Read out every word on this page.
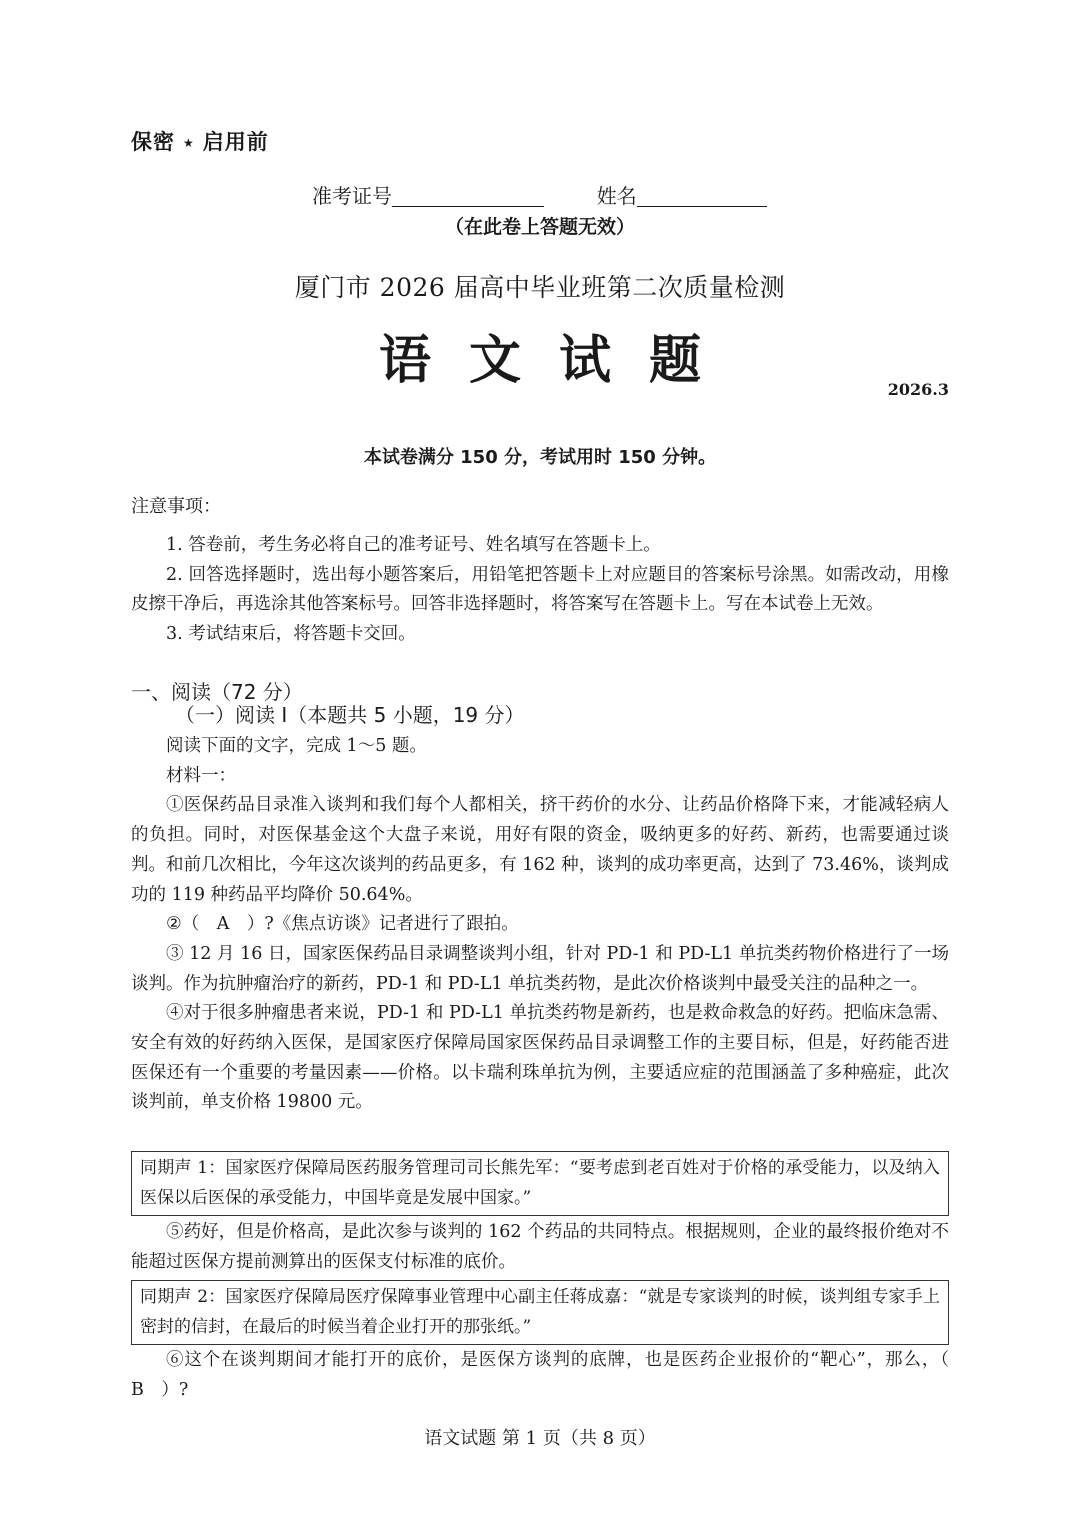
保密 ★ 启用前
准考证号	姓名
（在此卷上答题无效）
厦门市 2026 届高中毕业班第二次质量检测
语文试题	2026.3
本试卷满分 150 分，考试用时 150 分钟。
注意事项：

1. 答卷前，考生务必将自己的准考证号、姓名填写在答题卡上。

2. 回答选择题时，选出每小题答案后，用铅笔把答题卡上对应题目的答案标号涂黑。如需改动，用橡皮擦干净后，再选涂其他答案标号。回答非选择题时，将答案写在答题卡上。写在本试卷上无效。

3. 考试结束后，将答题卡交回。

一、阅读（72 分）
（一）阅读 I（本题共 5 小题，19 分）

阅读下面的文字，完成 1～5 题。

材料一：

①医保药品目录准入谈判和我们每个人都相关，挤干药价的水分、让药品价格降下来，才能减轻病人的负担。同时，对医保基金这个大盘子来说，用好有限的资金，吸纳更多的好药、新药，也需要通过谈判。和前几次相比，今年这次谈判的药品更多，有 162 种，谈判的成功率更高，达到了 73.46%，谈判成功的 119 种药品平均降价 50.64%。

②（　A　）?《焦点访谈》记者进行了跟拍。

③ 12 月 16 日，国家医保药品目录调整谈判小组，针对 PD-1 和 PD-L1 单抗类药物价格进行了一场谈判。作为抗肿瘤治疗的新药，PD-1 和 PD-L1 单抗类药物，是此次价格谈判中最受关注的品种之一。

④对于很多肿瘤患者来说，PD-1 和 PD-L1 单抗类药物是新药，也是救命救急的好药。把临床急需、安全有效的好药纳入医保，是国家医疗保障局国家医保药品目录调整工作的主要目标，但是，好药能否进医保还有一个重要的考量因素——价格。以卡瑞利珠单抗为例，主要适应症的范围涵盖了多种癌症，此次谈判前，单支价格 19800 元。

同期声 1：国家医疗保障局医药服务管理司司长熊先军：“要考虑到老百姓对于价格的承受能力，以及纳入医保以后医保的承受能力，中国毕竟是发展中国家。”

⑤药好，但是价格高，是此次参与谈判的 162 个药品的共同特点。根据规则，企业的最终报价绝对不能超过医保方提前测算出的医保支付标准的底价。

同期声 2：国家医疗保障局医疗保障事业管理中心副主任蒋成嘉：“就是专家谈判的时候，谈判组专家手上密封的信封，在最后的时候当着企业打开的那张纸。”

⑥这个在谈判期间才能打开的底价，是医保方谈判的底牌，也是医药企业报价的“靶心”，那么，（　B　）?

语文试题 第 1 页（共 8 页）
